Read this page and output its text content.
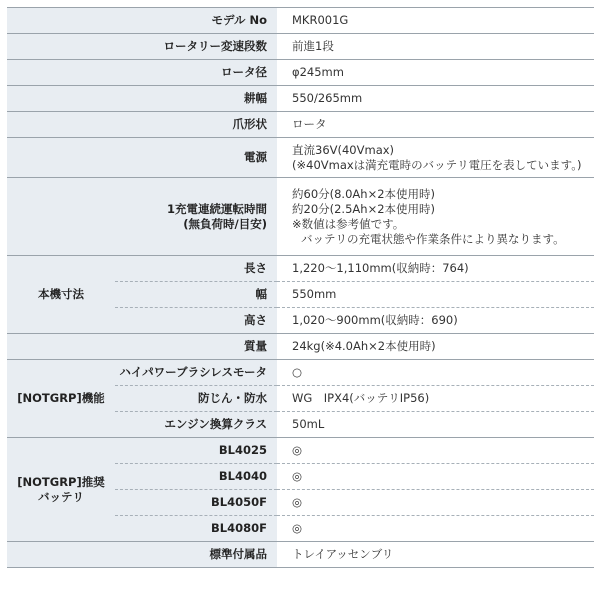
モデル No		MKR001G
ロータリー変速段数		前進1段
ロータ径		φ245mm
耕幅		550/265mm
爪形状		ロータ
電源		直流36V(40Vmax)
(※40Vmaxは満充電時のバッテリ電圧を表しています。)

1充電連続運転時間
(無負荷時/目安)		約60分(8.0Ah×2本使用時)
約20分(2.5Ah×2本使用時)
※数値は参考値です。
バッテリの充電状態や作業条件により異なります。

本機寸法	長さ	1,220～1,110mm(収納時：764)
	幅	550mm
	高さ	1,020～900mm(収納時：690)
質量		24kg(※4.0Ah×2本使用時)
[NOTGRP]機能	ハイパワーブラシレスモータ	○
	防じん・防水	WG　IPX4(バッテリIP56)
	エンジン換算クラス	50mL

[NOTGRP]推奨
バッテリ	BL4025	◎
	BL4040	◎
	BL4050F	◎
	BL4080F	◎
標準付属品		トレイアッセンブリ
